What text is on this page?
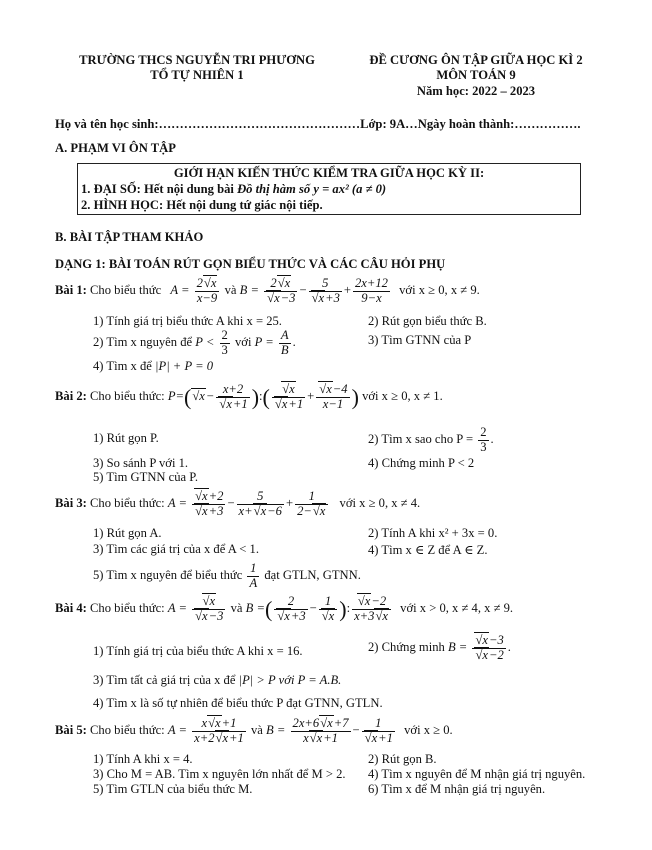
TRƯỜNG THCS NGUYỄN TRI PHƯƠNG
TỔ TỰ NHIÊN 1
ĐỀ CƯƠNG ÔN TẬP GIỮA HỌC KÌ 2
MÔN TOÁN 9
Năm học: 2022 – 2023
Họ và tên học sinh:…………………………………………Lớp: 9A…Ngày hoàn thành:…………….
A. PHẠM VI ÔN TẬP
GIỚI HẠN KIẾN THỨC KIỂM TRA GIỮA HỌC KỲ II:
1. ĐẠI SỐ: Hết nội dung bài Đồ thị hàm số y = ax² (a ≠ 0)
2. HÌNH HỌC: Hết nội dung tứ giác nội tiếp.
B. BÀI TẬP THAM KHẢO
DẠNG 1: BÀI TOÁN RÚT GỌN BIỂU THỨC VÀ CÁC CÂU HỎI PHỤ
Bài 1: Cho biểu thức $A = \frac{2 √ x}{x-9}$ và B = 2 √ x
√ x−3 − 5
√ $x+3 + \frac{2x+12}{9-x}$ với x ≥ 0, x ≠ 9.
1) Tính giá trị biểu thức A khi x = 25.	2) Rút gọn biểu thức B.
2) Tìm x nguyên để $P < \frac{2}{3}$ với $P = \frac{A}{B}$ .	3) Tìm GTNN của P
4) Tìm x để |P| + P = 0
Bài 2: Cho biểu thức: P=( √ x− x+2
√ x+1 ):( √ x
√ x+1 + √ $\frac{x-4}{x-1}$ ) với x ≥ 0, x ≠ 1.
1) Rút gọn P.	2) Tìm x sao cho $P = \frac{2}{3}$ .
3) So sánh P với 1.	4) Chứng minh P < 2
5) Tìm GTNN của P.
Bài 3: Cho biểu thức: A = √ x+2
√ $x+3 - \frac{5}{x+ √ x-6} + \frac{1}{2- √ x}$ với x ≥ 0, x ≠ 4.
1) Rút gọn A.	2) Tính A khi x² + 3x = 0.
3) Tìm các giá trị của x để A < 1.	4) Tìm x ∈ Z để A ∈ Z.
5) Tìm x nguyên để biểu thức $\frac{1}{A}$ đạt GTLN, GTNN.
Bài 4: Cho biểu thức: A = √ x
√ x−3 và B =( 2
√ x+3 − 1
√ x ): √ $\frac{x-2}{x+3 √ x}$ với x > 0, x ≠ 4, x ≠ 9.
1) Tính giá trị của biểu thức A khi x = 16.	2) Chứng minh B = √ x−3
√ x−2 .
3) Tìm tất cả giá trị của x để |P| > P với P = A.B.
4) Tìm x là số tự nhiên để biểu thức P đạt GTNN, GTLN.
Bài 5: Cho biểu thức: $A = \frac{x √ x+1}{x+2 √ x+1}$ và $B = \frac{2x+6 √ x+7}{x √ x+1} - 1$
√ x+1 với x ≥ 0.
1) Tính A khi x = 4.	2) Rút gọn B.
3) Cho M = AB. Tìm x nguyên lớn nhất để M > 2. 4) Tìm x nguyên để M nhận giá trị nguyên.
5) Tìm GTLN của biểu thức M.	6) Tìm x để M nhận giá trị nguyên.
